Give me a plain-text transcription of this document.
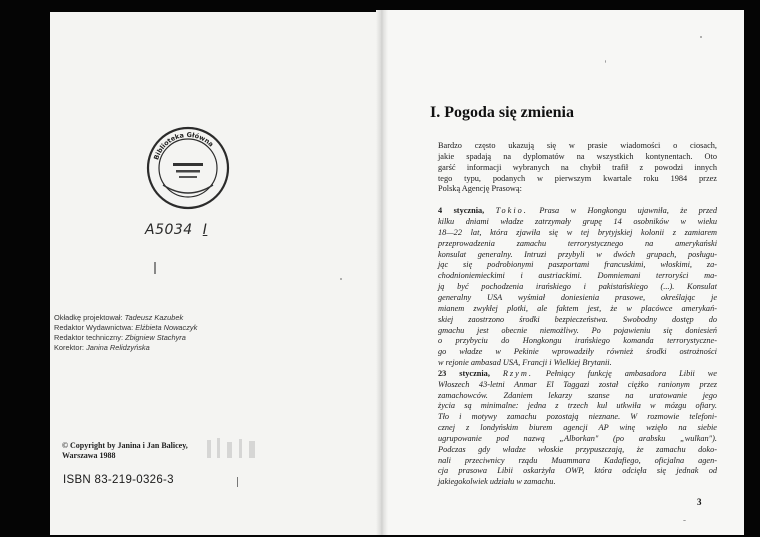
Biblioteka Główna
A5034 I
Okładkę projektował: Tadeusz Kazubek
Redaktor Wydawnictwa: Elżbieta Nowaczyk
Redaktor techniczny: Zbigniew Stachyra
Korektor: Janina Relidzyńska
© Copyright by Janina i Jan Balicey,
Warszawa 1988
ISBN 83-219-0326-3
I. Pogoda się zmienia

Bardzo często ukazują się w prasie wiadomości o ciosach,
jakie spadają na dyplomatów na wszystkich kontynentach. Oto
garść informacji wybranych na chybił trafił z powodzi innych
tego typu, podanych w pierwszym kwartale roku 1984 przez
Polską Agencję Prasową:

4 stycznia, Tokio. Prasa w Hongkongu ujawniła, że przed
kilku dniami władze zatrzymały grupę 14 osobników w wieku
18—22 lat, która zjawiła się w tej brytyjskiej kolonii z zamiarem
przeprowadzenia zamachu terrorystycznego na amerykański
konsulat generalny. Intruzi przybyli w dwóch grupach, posługu-
jąc się podrobionymi paszportami francuskimi, włoskimi, za-
chodnioniemieckimi i austriackimi. Domniemani terroryści ma-
ją być pochodzenia irańskiego i pakistańskiego (...). Konsulat
generalny USA wyśmiał doniesienia prasowe, określając je
mianem zwykłej plotki, ale faktem jest, że w placówce amerykań-
skiej zaostrzono środki bezpieczeństwa. Swobodny dostęp do
gmachu jest obecnie niemożliwy. Po pojawieniu się doniesień
o przybyciu do Hongkongu irańskiego komanda terrorystyczne-
go władze w Pekinie wprowadziły również środki ostrożności
w rejonie ambasad USA, Francji i Wielkiej Brytanii.

23 stycznia, Rzym. Pełniący funkcję ambasadora Libii we
Włoszech 43-letni Anmar El Taggazi został ciężko ranionym przez
zamachowców. Zdaniem lekarzy szanse na uratowanie jego
życia są minimalne: jedna z trzech kul utkwiła w mózgu ofiary.
Tło i motywy zamachu pozostają nieznane. W rozmowie telefoni-
cznej z londyńskim biurem agencji AP winę wzięło na siebie
ugrupowanie pod nazwą „Alborkan" (po arabsku „wulkan").
Podczas gdy władze włoskie przypuszczają, że zamachu doko-
nali przeciwnicy rządu Muammara Kadafiego, oficjalna agen-
cja prasowa Libii oskarżyła OWP, która odcięła się jednak od
jakiegokolwiek udziału w zamachu.

3
